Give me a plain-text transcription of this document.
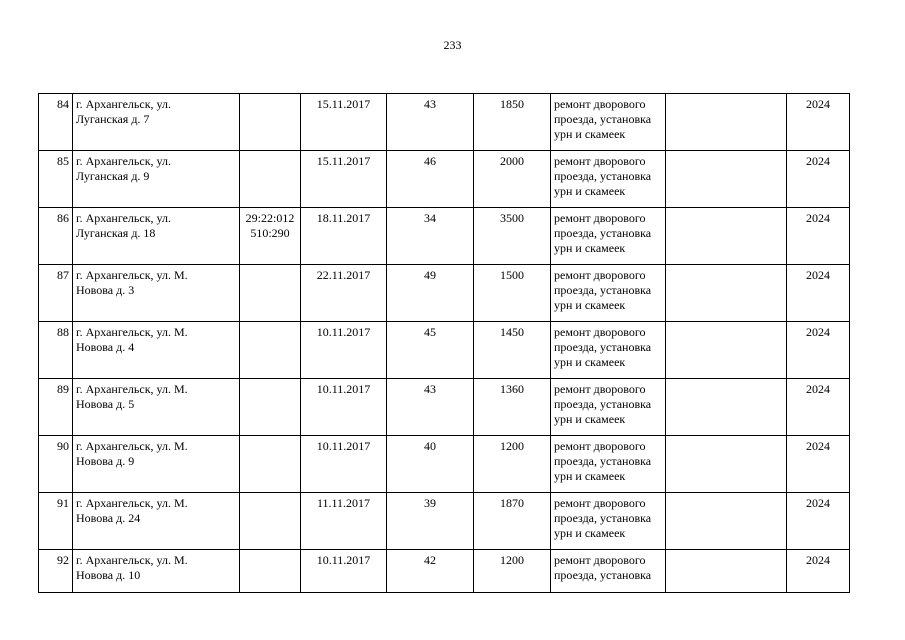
233
84	г. Архангельск, ул.
Луганская д. 7		15.11.2017	43	1850	ремонт дворового
проезда, установка
урн и скамеек		2024
85	г. Архангельск, ул.
Луганская д. 9		15.11.2017	46	2000	ремонт дворового
проезда, установка
урн и скамеек		2024
86	г. Архангельск, ул.
Луганская д. 18	29:22:012
510:290	18.11.2017	34	3500	ремонт дворового
проезда, установка
урн и скамеек		2024
87	г. Архангельск, ул. М.
Нoвова д. 3		22.11.2017	49	1500	ремонт дворового
проезда, установка
урн и скамеек		2024
88	г. Архангельск, ул. М.
Нoвова д. 4		10.11.2017	45	1450	ремонт дворового
проезда, установка
урн и скамеек		2024
89	г. Архангельск, ул. М.
Нoвова д. 5		10.11.2017	43	1360	ремонт дворового
проезда, установка
урн и скамеек		2024
90	г. Архангельск, ул. М.
Нoвова д. 9		10.11.2017	40	1200	ремонт дворового
проезда, установка
урн и скамеек		2024
91	г. Архангельск, ул. М.
Нoвова д. 24		11.11.2017	39	1870	ремонт дворового
проезда, установка
урн и скамеек		2024
92	г. Архангельск, ул. М.
Нoвова д. 10		10.11.2017	42	1200	ремонт дворового
проезда, установка		2024
